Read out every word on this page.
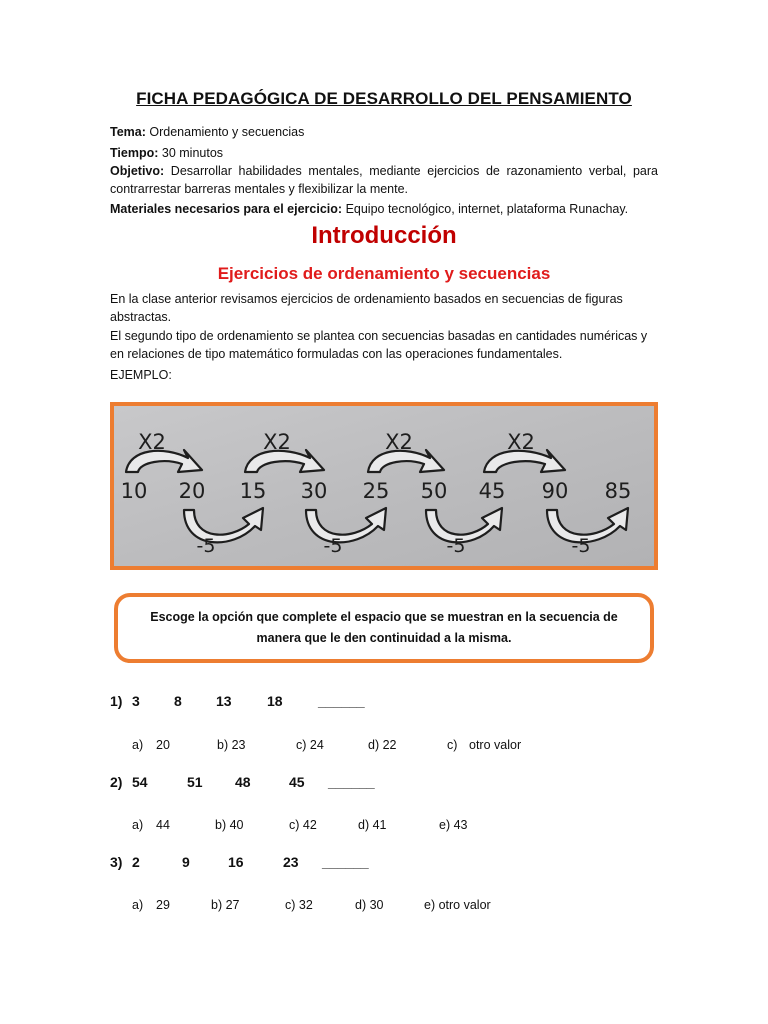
FICHA PEDAGÓGICA DE DESARROLLO DEL PENSAMIENTO
Tema: Ordenamiento y secuencias
Tiempo: 30 minutos
Objetivo: Desarrollar habilidades mentales, mediante ejercicios de razonamiento verbal, para contrarrestar barreras mentales y flexibilizar la mente.
Materiales necesarios para el ejercicio: Equipo tecnológico, internet, plataforma Runachay.
Introducción
Ejercicios de ordenamiento y secuencias
En la clase anterior revisamos ejercicios de ordenamiento basados en secuencias de figuras abstractas.
El segundo tipo de ordenamiento se plantea con secuencias basadas en cantidades numéricas y en relaciones de tipo matemático formuladas con las operaciones fundamentales.
EJEMPLO:
X2	X2	X2	X2
10 20 15 30 25 50 45 90 85
-5	-5	-5	-5
Escoge la opción que complete el espacio que se muestran en la secuencia de manera que le den continuidad a la misma.
1) 3 8 13	18	______
a) 20	b) 23	c) 24	d) 22	c) otro valor
2) 54	51 48	45 ______
a) 44	b) 40	c) 42	d) 41	e) 43
3) 2	9	16	23 ______
a) 29	b) 27	c) 32	d) 30	e) otro valor
